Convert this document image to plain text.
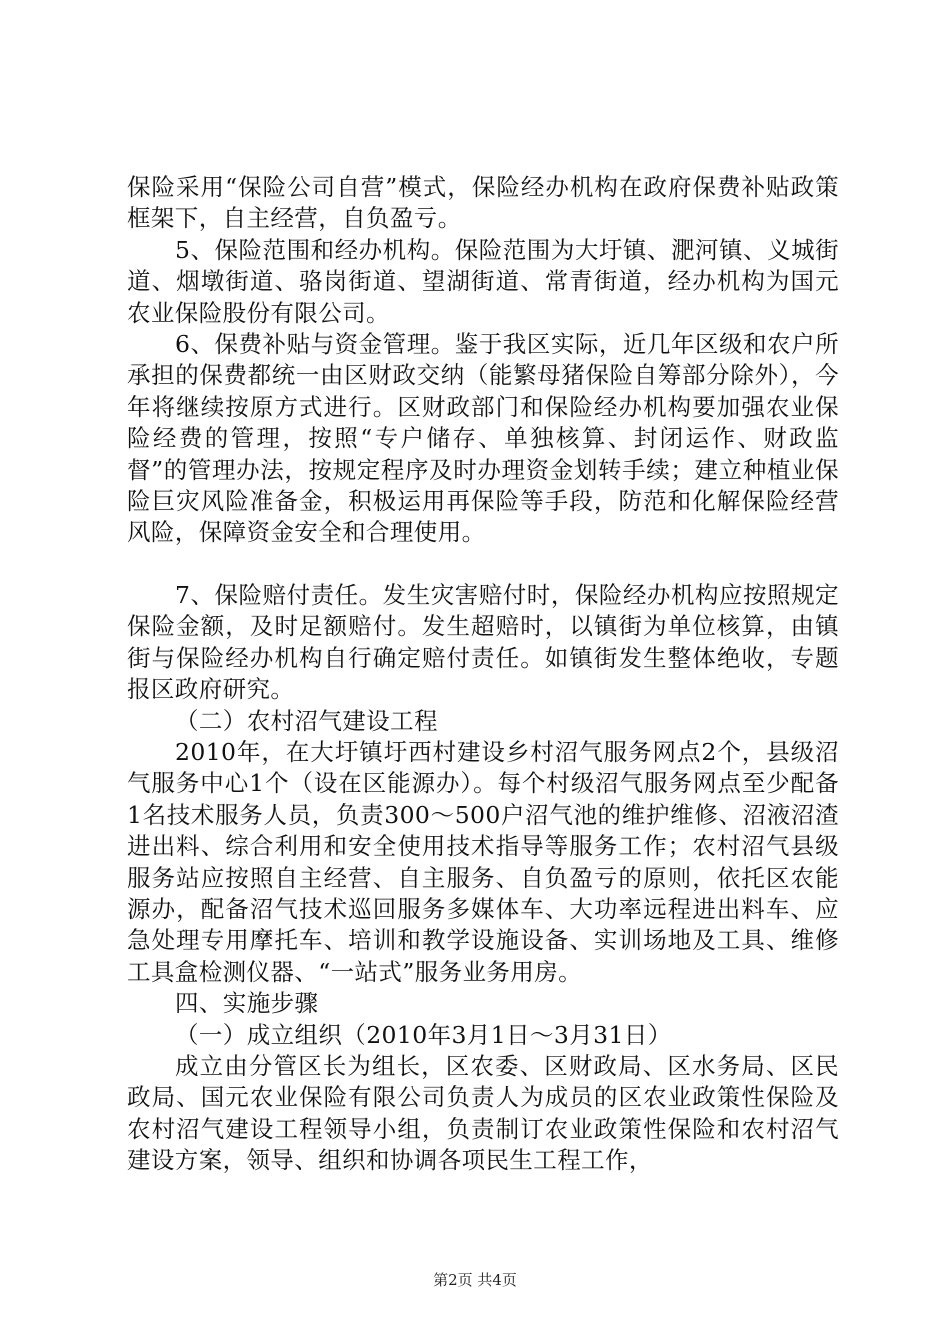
保险采用“保险公司自营”模式，保险经办机构在政府保费补贴政策框架下，自主经营，自负盈亏。

5、保险范围和经办机构。保险范围为大圩镇、淝河镇、义城街道、烟墩街道、骆岗街道、望湖街道、常青街道，经办机构为国元农业保险股份有限公司。

6、保费补贴与资金管理。鉴于我区实际，近几年区级和农户所承担的保费都统一由区财政交纳（能繁母猪保险自筹部分除外），今年将继续按原方式进行。区财政部门和保险经办机构要加强农业保险经费的管理，按照“专户储存、单独核算、封闭运作、财政监督”的管理办法，按规定程序及时办理资金划转手续；建立种植业保险巨灾风险准备金，积极运用再保险等手段，防范和化解保险经营风险，保障资金安全和合理使用。

7、保险赔付责任。发生灾害赔付时，保险经办机构应按照规定保险金额，及时足额赔付。发生超赔时，以镇街为单位核算，由镇街与保险经办机构自行确定赔付责任。如镇街发生整体绝收，专题报区政府研究。

（二）农村沼气建设工程

2010年，在大圩镇圩西村建设乡村沼气服务网点2个，县级沼气服务中心1个（设在区能源办）。每个村级沼气服务网点至少配备1名技术服务人员，负责300～500户沼气池的维护维修、沼液沼渣进出料、综合利用和安全使用技术指导等服务工作；农村沼气县级服务站应按照自主经营、自主服务、自负盈亏的原则，依托区农能源办，配备沼气技术巡回服务多媒体车、大功率远程进出料车、应急处理专用摩托车、培训和教学设施设备、实训场地及工具、维修工具盒检测仪器、“一站式”服务业务用房。

四、实施步骤

（一）成立组织（2010年3月1日～3月31日）

成立由分管区长为组长，区农委、区财政局、区水务局、区民政局、国元农业保险有限公司负责人为成员的区农业政策性保险及农村沼气建设工程领导小组，负责制订农业政策性保险和农村沼气建设方案，领导、组织和协调各项民生工程工作，

第2页 共4页
